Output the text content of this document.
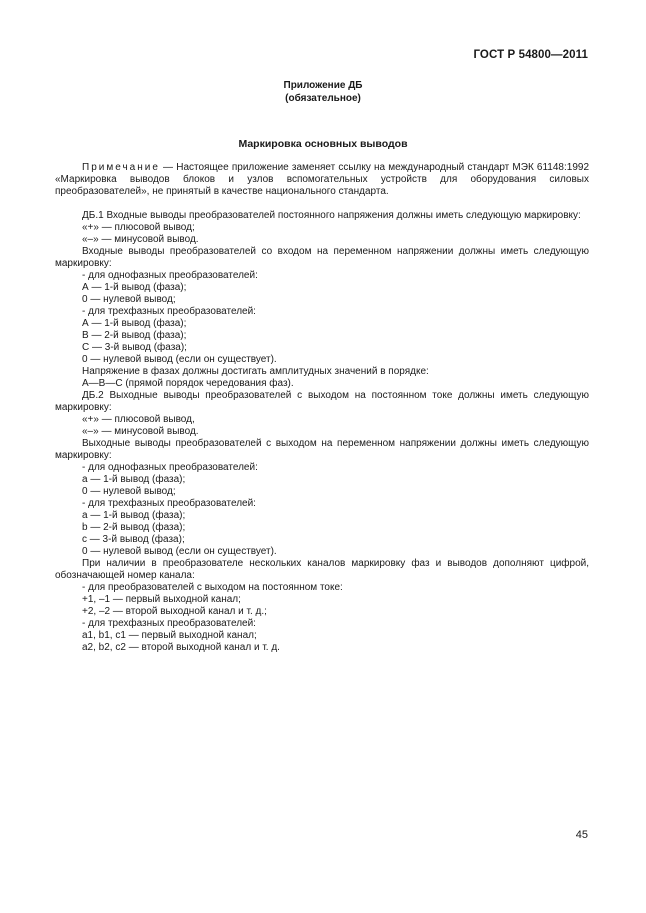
ГОСТ Р 54800—2011
Приложение ДБ
(обязательное)
Маркировка основных выводов

Примечание — Настоящее приложение заменяет ссылку на международный стандарт МЭК 61148:1992 «Маркировка выводов блоков и узлов вспомогательных устройств для оборудования силовых преобразователей», не принятый в качестве национального стандарта.

ДБ.1 Входные выводы преобразователей постоянного напряжения должны иметь следующую маркировку:

«+» — плюсовой вывод;

«–» — минусовой вывод.

Входные выводы преобразователей со входом на переменном напряжении должны иметь следующую маркировку:

- для однофазных преобразователей:

А — 1-й вывод (фаза);

0 — нулевой вывод;

- для трехфазных преобразователей:

А — 1-й вывод (фаза);

В — 2-й вывод (фаза);

С — 3-й вывод (фаза);

0 — нулевой вывод (если он существует).

Напряжение в фазах должны достигать амплитудных значений в порядке:

А—В—С (прямой порядок чередования фаз).

ДБ.2 Выходные выводы преобразователей с выходом на постоянном токе должны иметь следующую маркировку:

«+» — плюсовой вывод,

«–» — минусовой вывод.

Выходные выводы преобразователей с выходом на переменном напряжении должны иметь следующую маркировку:

- для однофазных преобразователей:

а — 1-й вывод (фаза);

0 — нулевой вывод;

- для трехфазных преобразователей:

а — 1-й вывод (фаза);

b — 2-й вывод (фаза);

с — 3-й вывод (фаза);

0 — нулевой вывод (если он существует).

При наличии в преобразователе нескольких каналов маркировку фаз и выводов дополняют цифрой, обозначающей номер канала:

- для преобразователей с выходом на постоянном токе:

+1, –1 — первый выходной канал;

+2, –2 — второй выходной канал и т. д.;

- для трехфазных преобразователей:

а1, b1, c1 — первый выходной канал;

а2, b2, c2 — второй выходной канал и т. д.

45
